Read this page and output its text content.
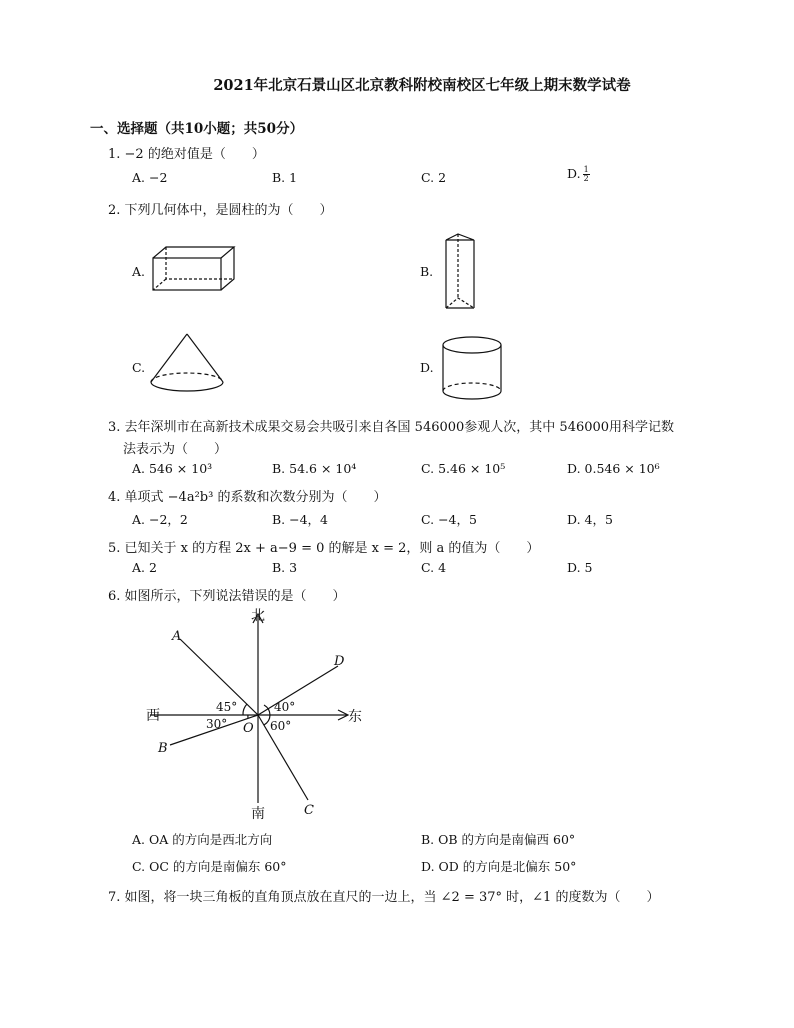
2021年北京石景山区北京教科附校南校区七年级上期末数学试卷
一、选择题（共10小题；共50分）
1. −2 的绝对值是（　　）
A. −2	B. 1	C. 2	D. $\frac{1}{2}$
2. 下列几何体中，是圆柱的为（　　）
A.	B.
C.	D.
3. 去年深圳市在高新技术成果交易会共吸引来自各国 546000参观人次，其中 546000用科学记数
法表示为（　　）
A. 546 × 10³	B. 54.6 × 10⁴	C. 5.46 × 10⁵	D. 0.546 × 10⁶
4. 单项式 −4a²b³ 的系数和次数分别为（　　）
A. −2，2	B. −4，4	C. −4，5	D. 4，5
5. 已知关于 x 的方程 2x + a−9 = 0 的解是 x = 2，则 a 的值为（　　）
A. 2	B. 3	C. 4	D. 5
6. 如图所示，下列说法错误的是（　　）
北
南
西	东
A
B
C
D
O
45°	40°
30°	60°
A. OA 的方向是西北方向	B. OB 的方向是南偏西 60°
C. OC 的方向是南偏东 60°	D. OD 的方向是北偏东 50°
7. 如图，将一块三角板的直角顶点放在直尺的一边上，当 ∠2 = 37° 时，∠1 的度数为（　　）
